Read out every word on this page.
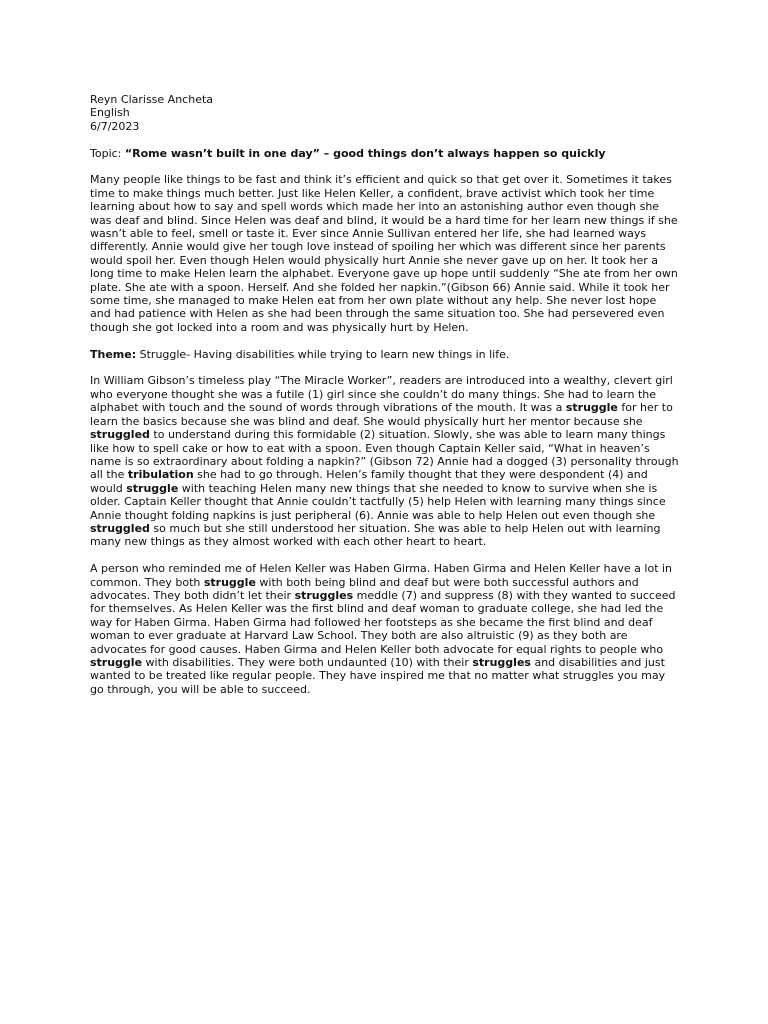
Reyn Clarisse Ancheta

English

6/7/2023

Topic: “Rome wasn’t built in one day” – good things don’t always happen so quickly

Many people like things to be fast and think it’s efficient and quick so that get over it. Sometimes it takes time to make things much better. Just like Helen Keller, a confident, brave activist which took her time learning about how to say and spell words which made her into an astonishing author even though she was deaf and blind. Since Helen was deaf and blind, it would be a hard time for her learn new things if she wasn’t able to feel, smell or taste it. Ever since Annie Sullivan entered her life, she had learned ways differently. Annie would give her tough love instead of spoiling her which was different since her parents would spoil her. Even though Helen would physically hurt Annie she never gave up on her. It took her a long time to make Helen learn the alphabet. Everyone gave up hope until suddenly “She ate from her own plate. She ate with a spoon. Herself. And she folded her napkin.”(Gibson 66) Annie said. While it took her some time, she managed to make Helen eat from her own plate without any help. She never lost hope and had patience with Helen as she had been through the same situation too. She had persevered even though she got locked into a room and was physically hurt by Helen.

Theme: Struggle- Having disabilities while trying to learn new things in life.

In William Gibson’s timeless play “The Miracle Worker”, readers are introduced into a wealthy, clevert girl who everyone thought she was a futile (1) girl since she couldn’t do many things. She had to learn the alphabet with touch and the sound of words through vibrations of the mouth. It was a struggle for her to learn the basics because she was blind and deaf. She would physically hurt her mentor because she struggled to understand during this formidable (2) situation. Slowly, she was able to learn many things like how to spell cake or how to eat with a spoon. Even though Captain Keller said, “What in heaven’s name is so extraordinary about folding a napkin?” (Gibson 72) Annie had a dogged (3) personality through all the tribulation she had to go through. Helen’s family thought that they were despondent (4) and would struggle with teaching Helen many new things that she needed to know to survive when she is older. Captain Keller thought that Annie couldn’t tactfully (5) help Helen with learning many things since Annie thought folding napkins is just peripheral (6). Annie was able to help Helen out even though she struggled so much but she still understood her situation. She was able to help Helen out with learning many new things as they almost worked with each other heart to heart.

A person who reminded me of Helen Keller was Haben Girma. Haben Girma and Helen Keller have a lot in common. They both struggle with both being blind and deaf but were both successful authors and advocates. They both didn’t let their struggles meddle (7) and suppress (8) with they wanted to succeed for themselves. As Helen Keller was the first blind and deaf woman to graduate college, she had led the way for Haben Girma. Haben Girma had followed her footsteps as she became the first blind and deaf woman to ever graduate at Harvard Law School. They both are also altruistic (9) as they both are advocates for good causes. Haben Girma and Helen Keller both advocate for equal rights to people who struggle with disabilities. They were both undaunted (10) with their struggles and disabilities and just wanted to be treated like regular people. They have inspired me that no matter what struggles you may go through, you will be able to succeed.
